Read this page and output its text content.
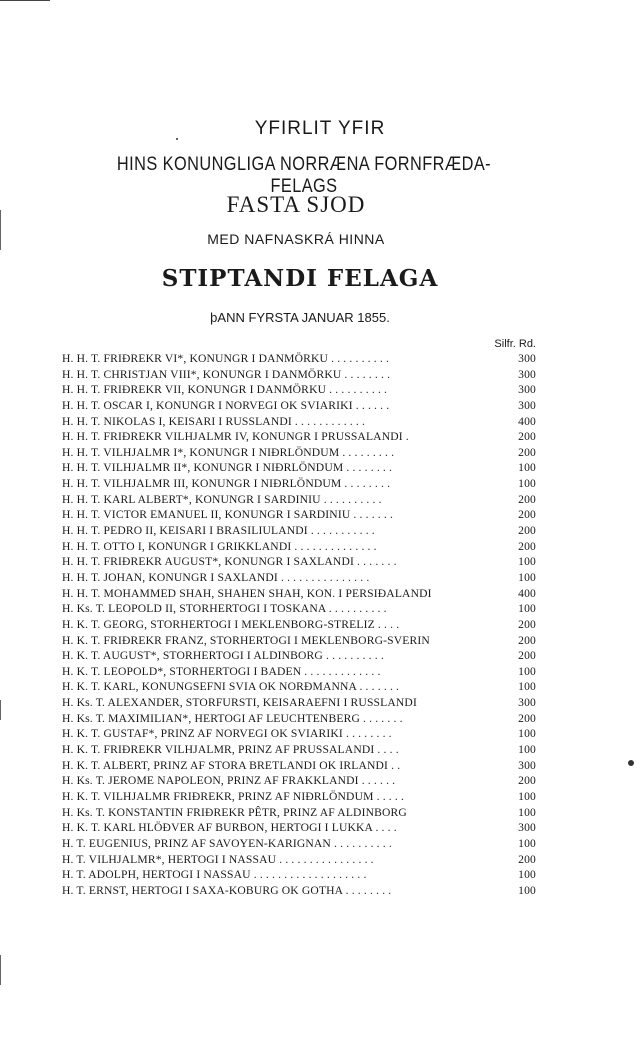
YFIRLIT YFIR
HINS KONUNGLIGA NORRÆNA FORNFRÆDA-FELAGS
FASTA SJOD
MED NAFNASKRÁ HINNA
STIPTANDI FELAGA
þANN FYRSTA JANUAR 1855.
Silfr. Rd.
H. H. T. FRIÐREKR VI*, KONUNGR I DANMÖRKU . . . . . . . . . .	300
H. H. T. CHRISTJAN VIII*, KONUNGR I DANMÖRKU . . . . . . . .	300
H. H. T. FRIÐREKR VII, KONUNGR I DANMÖRKU . . . . . . . . . .	300
H. H. T. OSCAR I, KONUNGR I NORVEGI OK SVIARIKI . . . . . .	300
H. H. T. NIKOLAS I, KEISARI I RUSSLANDI . . . . . . . . . . . .	400
H. H. T. FRIÐREKR VILHJALMR IV, KONUNGR I PRUSSALANDI .	200
H. H. T. VILHJALMR I*, KONUNGR I NIÐRLÖNDUM . . . . . . . . .	200
H. H. T. VILHJALMR II*, KONUNGR I NIÐRLÖNDUM . . . . . . . .	100
H. H. T. VILHJALMR III, KONUNGR I NIÐRLÖNDUM . . . . . . . .	100
H. H. T. KARL ALBERT*, KONUNGR I SARDINIU . . . . . . . . . .	200
H. H. T. VICTOR EMANUEL II, KONUNGR I SARDINIU . . . . . . .	200
H. H. T. PEDRO II, KEISARI I BRASILIULANDI . . . . . . . . . . .	200
H. H. T. OTTO I, KONUNGR I GRIKKLANDI . . . . . . . . . . . . . .	200
H. H. T. FRIÐREKR AUGUST*, KONUNGR I SAXLANDI . . . . . . .	100
H. H. T. JOHAN, KONUNGR I SAXLANDI . . . . . . . . . . . . . . .	100
H. H. T. MOHAMMED SHAH, SHAHEN SHAH, KON. I PERSIÐALANDI	400
H. Ks. T. LEOPOLD II, STORHERTOGI I TOSKANA . . . . . . . . . .	100
H. K. T. GEORG, STORHERTOGI I MEKLENBORG-STRELIZ . . . .	200
H. K. T. FRIÐREKR FRANZ, STORHERTOGI I MEKLENBORG-SVERIN	200
H. K. T. AUGUST*, STORHERTOGI I ALDINBORG . . . . . . . . . .	200
H. K. T. LEOPOLD*, STORHERTOGI I BADEN . . . . . . . . . . . . .	100
H. K. T. KARL, KONUNGSEFNI SVIA OK NORÐMANNA . . . . . . .	100
H. Ks. T. ALEXANDER, STORFURSTI, KEISARAEFNI I RUSSLANDI	300
H. Ks. T. MAXIMILIAN*, HERTOGI AF LEUCHTENBERG . . . . . . .	200
H. K. T. GUSTAF*, PRINZ AF NORVEGI OK SVIARIKI . . . . . . . .	100
H. K. T. FRIÐREKR VILHJALMR, PRINZ AF PRUSSALANDI . . . .	100
H. K. T. ALBERT, PRINZ AF STORA BRETLANDI OK IRLANDI . .	300
H. Ks. T. JEROME NAPOLEON, PRINZ AF FRAKKLANDI . . . . . .	200
H. K. T. VILHJALMR FRIÐREKR, PRINZ AF NIÐRLÖNDUM . . . . .	100
H. Ks. T. KONSTANTIN FRIÐREKR PÊTR, PRINZ AF ALDINBORG	100
H. K. T. KARL HLÖÐVER AF BURBON, HERTOGI I LUKKA . . . .	300
H. T. EUGENIUS, PRINZ AF SAVOYEN-KARIGNAN . . . . . . . . . .	100
H. T. VILHJALMR*, HERTOGI I NASSAU . . . . . . . . . . . . . . . .	200
H. T. ADOLPH, HERTOGI I NASSAU . . . . . . . . . . . . . . . . . . .	100
H. T. ERNST, HERTOGI I SAXA-KOBURG OK GOTHA . . . . . . . .	100
